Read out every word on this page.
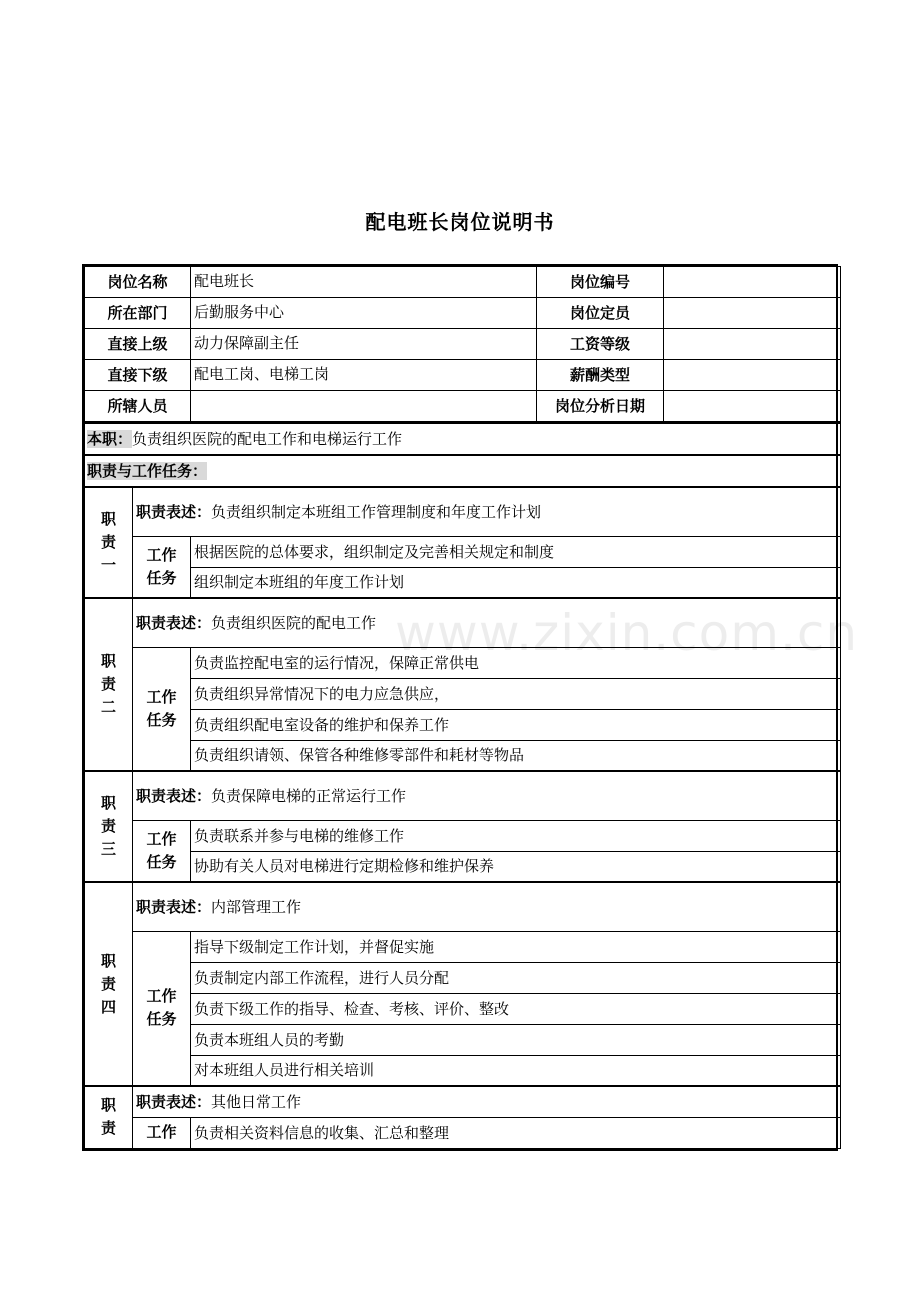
配电班长岗位说明书
www.zixin.com.cn
岗位名称	配电班长	岗位编号	
所在部门	后勤服务中心	岗位定员	
直接上级	动力保障副主任	工资等级	
直接下级	配电工岗、电梯工岗	薪酬类型	
所辖人员		岗位分析日期	
本职：负责组织医院的配电工作和电梯运行工作		
职责与工作任务：		

职
责
一	职责表述：负责组织制定本班组工作管理制度和年度工作计划	

	工作
任务	根据医院的总体要求，组织制定及完善相关规定和制度
		组织制定本班组的年度工作计划

职
责
二	职责表述：负责组织医院的配电工作	

	工作
任务	负责监控配电室的运行情况，保障正常供电
		负责组织异常情况下的电力应急供应，
		负责组织配电室设备的维护和保养工作
		负责组织请领、保管各种维修零部件和耗材等物品

职
责
三	职责表述：负责保障电梯的正常运行工作	

	工作
任务	负责联系并参与电梯的维修工作
		协助有关人员对电梯进行定期检修和维护保养

职
责
四	职责表述：内部管理工作	

	工作
任务	指导下级制定工作计划，并督促实施
		负责制定内部工作流程，进行人员分配
		负责下级工作的指导、检查、考核、评价、整改
		负责本班组人员的考勤
		对本班组人员进行相关培训

职
责	职责表述：其他日常工作	

	工作	负责相关资料信息的收集、汇总和整理
